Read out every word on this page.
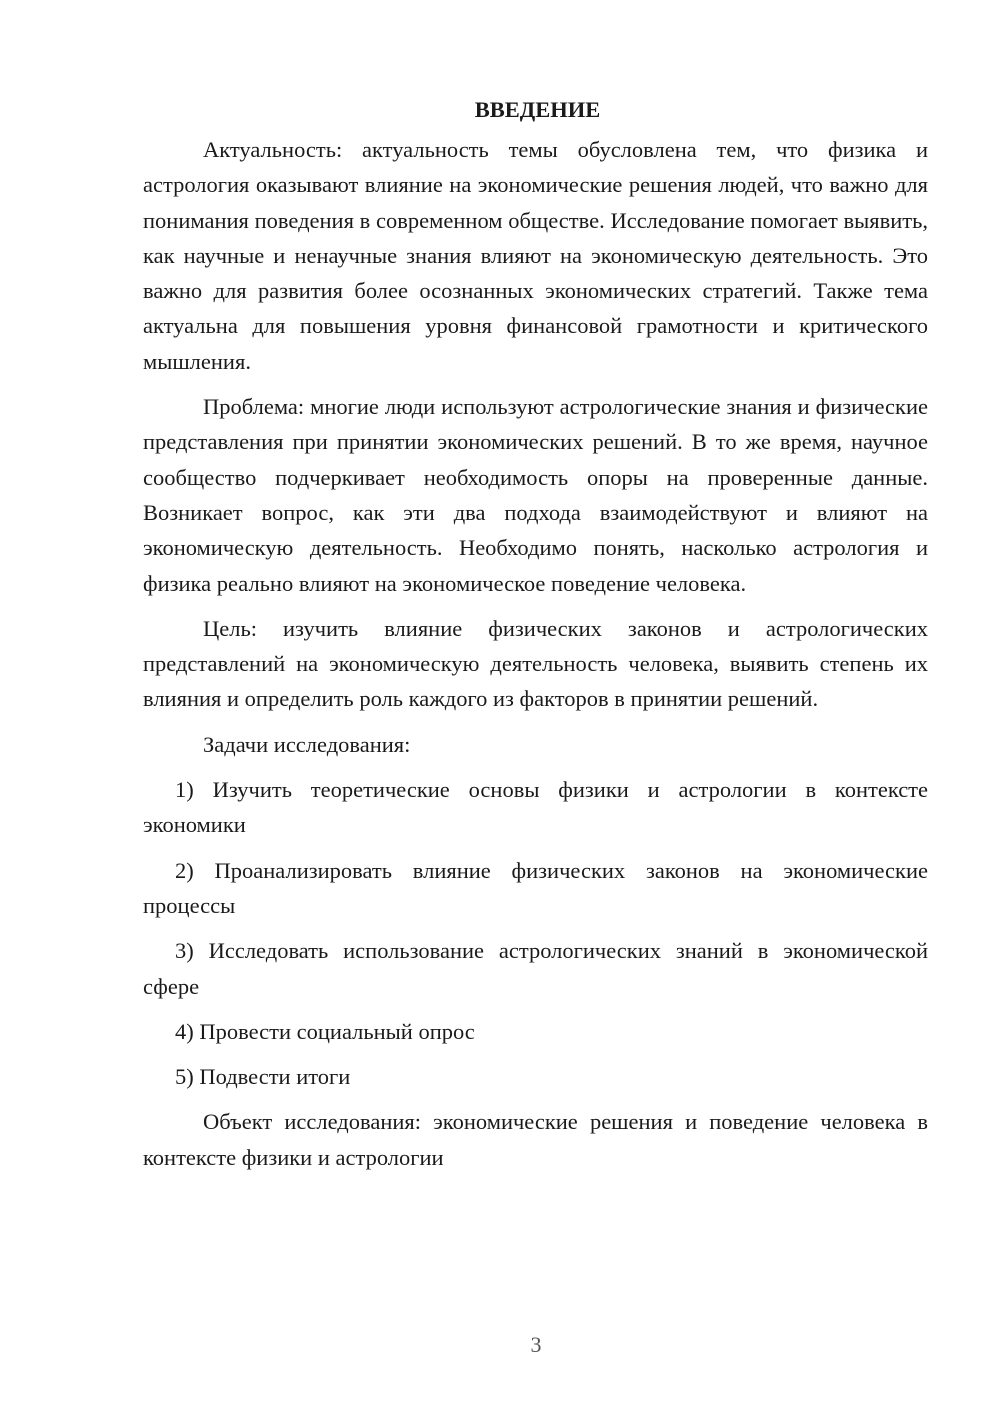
ВВЕДЕНИЕ

Актуальность: актуальность темы обусловлена тем, что физика и астрология оказывают влияние на экономические решения людей, что важно для понимания поведения в современном обществе. Исследование помогает выявить, как научные и ненаучные знания влияют на экономическую деятельность. Это важно для развития более осознанных экономических стратегий. Также тема актуальна для повышения уровня финансовой грамотности и критического мышления.

Проблема: многие люди используют астрологические знания и физические представления при принятии экономических решений. В то же время, научное сообщество подчеркивает необходимость опоры на проверенные данные. Возникает вопрос, как эти два подхода взаимодействуют и влияют на экономическую деятельность. Необходимо понять, насколько астрология и физика реально влияют на экономическое поведение человека.

Цель: изучить влияние физических законов и астрологических представлений на экономическую деятельность человека, выявить степень их влияния и определить роль каждого из факторов в принятии решений.

Задачи исследования:

1) Изучить теоретические основы физики и астрологии в контексте экономики

2) Проанализировать влияние физических законов на экономические процессы

3) Исследовать использование астрологических знаний в экономической сфере

4) Провести социальный опрос

5) Подвести итоги

Объект исследования: экономические решения и поведение человека в контексте физики и астрологии

3
